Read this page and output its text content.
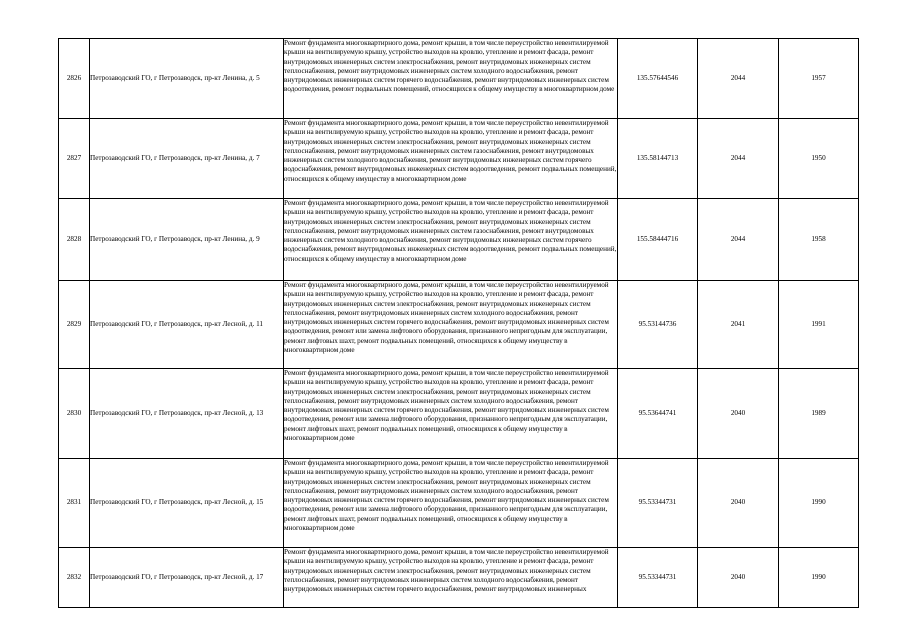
2826	Петрозаводский ГО, г Петрозаводск, пр-кт Ленина, д. 5	Ремонт фундамента многоквартирного дома, ремонт крыши, в том числе переустройство невентилируемой крыши на вентилируемую крышу, устройство выходов на кровлю, утепление и ремонт фасада, ремонт внутридомовых инженерных систем электроснабжения, ремонт внутридомовых инженерных систем теплоснабжения, ремонт внутридомовых инженерных систем холодного водоснабжения, ремонт внутридомовых инженерных систем горячего водоснабжения, ремонт внутридомовых инженерных систем водоотведения, ремонт подвальных помещений, относящихся к общему имуществу в многоквартирном доме	135.57644546	2044	1957
2827	Петрозаводский ГО, г Петрозаводск, пр-кт Ленина, д. 7	Ремонт фундамента многоквартирного дома, ремонт крыши, в том числе переустройство невентилируемой крыши на вентилируемую крышу, устройство выходов на кровлю, утепление и ремонт фасада, ремонт внутридомовых инженерных систем электроснабжения, ремонт внутридомовых инженерных систем теплоснабжения, ремонт внутридомовых инженерных систем газоснабжения, ремонт внутридомовых инженерных систем холодного водоснабжения, ремонт внутридомовых инженерных систем горячего водоснабжения, ремонт внутридомовых инженерных систем водоотведения, ремонт подвальных помещений, относящихся к общему имуществу в многоквартирном доме	135.58144713	2044	1950
2828	Петрозаводский ГО, г Петрозаводск, пр-кт Ленина, д. 9	Ремонт фундамента многоквартирного дома, ремонт крыши, в том числе переустройство невентилируемой крыши на вентилируемую крышу, устройство выходов на кровлю, утепление и ремонт фасада, ремонт внутридомовых инженерных систем электроснабжения, ремонт внутридомовых инженерных систем теплоснабжения, ремонт внутридомовых инженерных систем газоснабжения, ремонт внутридомовых инженерных систем холодного водоснабжения, ремонт внутридомовых инженерных систем горячего водоснабжения, ремонт внутридомовых инженерных систем водоотведения, ремонт подвальных помещений, относящихся к общему имуществу в многоквартирном доме	155.58444716	2044	1958
2829	Петрозаводский ГО, г Петрозаводск, пр-кт Лесной, д. 11	Ремонт фундамента многоквартирного дома, ремонт крыши, в том числе переустройство невентилируемой крыши на вентилируемую крышу, устройство выходов на кровлю, утепление и ремонт фасада, ремонт внутридомовых инженерных систем электроснабжения, ремонт внутридомовых инженерных систем теплоснабжения, ремонт внутридомовых инженерных систем холодного водоснабжения, ремонт внутридомовых инженерных систем горячего водоснабжения, ремонт внутридомовых инженерных систем водоотведения, ремонт или замена лифтового оборудования, признанного непригодным для эксплуатации, ремонт лифтовых шахт, ремонт подвальных помещений, относящихся к общему имуществу в многоквартирном доме	95.53144736	2041	1991
2830	Петрозаводский ГО, г Петрозаводск, пр-кт Лесной, д. 13	Ремонт фундамента многоквартирного дома, ремонт крыши, в том числе переустройство невентилируемой крыши на вентилируемую крышу, устройство выходов на кровлю, утепление и ремонт фасада, ремонт внутридомовых инженерных систем электроснабжения, ремонт внутридомовых инженерных систем теплоснабжения, ремонт внутридомовых инженерных систем холодного водоснабжения, ремонт внутридомовых инженерных систем горячего водоснабжения, ремонт внутридомовых инженерных систем водоотведения, ремонт или замена лифтового оборудования, признанного непригодным для эксплуатации, ремонт лифтовых шахт, ремонт подвальных помещений, относящихся к общему имуществу в многоквартирном доме	95.53644741	2040	1989
2831	Петрозаводский ГО, г Петрозаводск, пр-кт Лесной, д. 15	Ремонт фундамента многоквартирного дома, ремонт крыши, в том числе переустройство невентилируемой крыши на вентилируемую крышу, устройство выходов на кровлю, утепление и ремонт фасада, ремонт внутридомовых инженерных систем электроснабжения, ремонт внутридомовых инженерных систем теплоснабжения, ремонт внутридомовых инженерных систем холодного водоснабжения, ремонт внутридомовых инженерных систем горячего водоснабжения, ремонт внутридомовых инженерных систем водоотведения, ремонт или замена лифтового оборудования, признанного непригодным для эксплуатации, ремонт лифтовых шахт, ремонт подвальных помещений, относящихся к общему имуществу в многоквартирном доме	95.53344731	2040	1990
2832	Петрозаводский ГО, г Петрозаводск, пр-кт Лесной, д. 17	Ремонт фундамента многоквартирного дома, ремонт крыши, в том числе переустройство невентилируемой крыши на вентилируемую крышу, устройство выходов на кровлю, утепление и ремонт фасада, ремонт внутридомовых инженерных систем электроснабжения, ремонт внутридомовых инженерных систем теплоснабжения, ремонт внутридомовых инженерных систем холодного водоснабжения, ремонт внутридомовых инженерных систем горячего водоснабжения, ремонт внутридомовых инженерных	95.53344731	2040	1990
